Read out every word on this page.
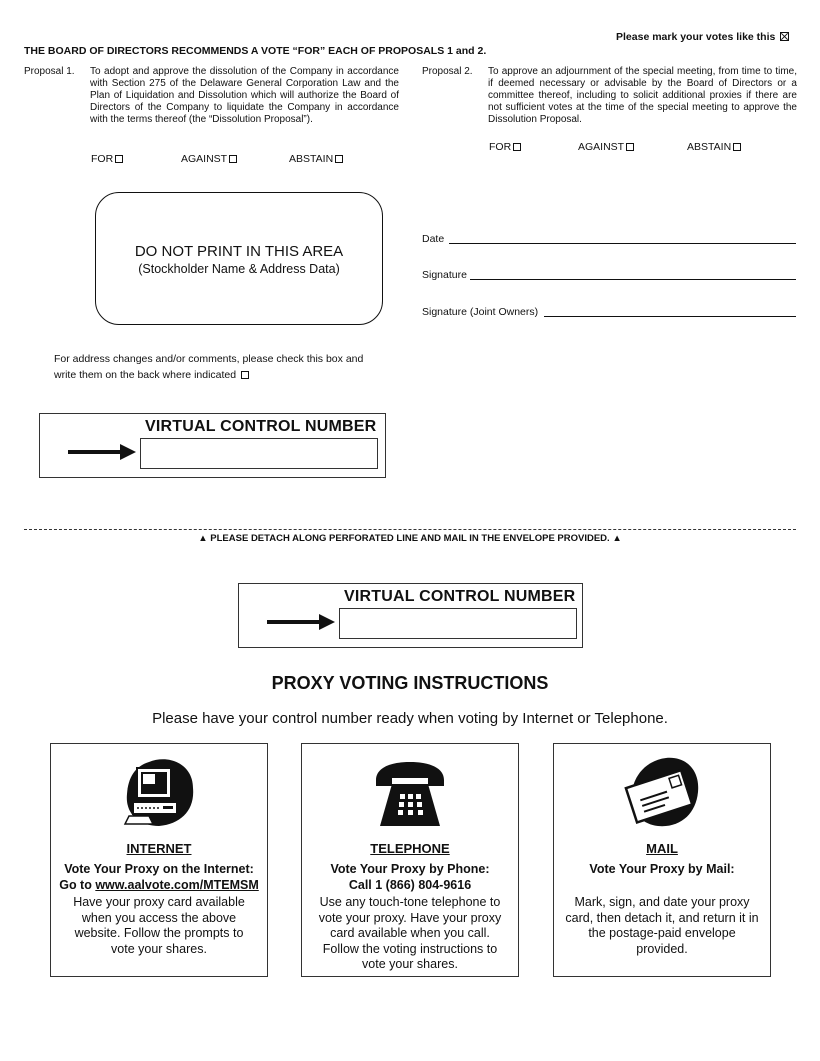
Please mark your votes like this
THE BOARD OF DIRECTORS RECOMMENDS A VOTE “FOR” EACH OF PROPOSALS 1 and 2.
Proposal 1. To adopt and approve the dissolution of the Company in accordance with Section 275 of the Delaware General Corporation Law and the Plan of Liquidation and Dissolution which will authorize the Board of Directors of the Company to liquidate the Company in accordance with the terms thereof (the “Dissolution Proposal”).
FOR	AGAINST	ABSTAIN
Proposal 2. To approve an adjournment of the special meeting, from time to time, if deemed necessary or advisable by the Board of Directors or a committee thereof, including to solicit additional proxies if there are not sufficient votes at the time of the special meeting to approve the Dissolution Proposal.
FOR	AGAINST	ABSTAIN
DO NOT PRINT IN THIS AREA
(Stockholder Name & Address Data)
Date
Signature
Signature (Joint Owners)
For address changes and/or comments, please check this box and
write them on the back where indicated
VIRTUAL CONTROL NUMBER
▲ PLEASE DETACH ALONG PERFORATED LINE AND MAIL IN THE ENVELOPE PROVIDED. ▲
VIRTUAL CONTROL NUMBER
PROXY VOTING INSTRUCTIONS
Please have your control number ready when voting by Internet or Telephone.
INTERNET
Vote Your Proxy on the Internet:
Go to www.aalvote.com/MTEMSM
Have your proxy card available
when you access the above
website. Follow the prompts to
vote your shares.
TELEPHONE
Vote Your Proxy by Phone:
Call 1 (866) 804-9616
Use any touch-tone telephone to
vote your proxy. Have your proxy
card available when you call.
Follow the voting instructions to
vote your shares.
MAIL
Vote Your Proxy by Mail:
Mark, sign, and date your proxy
card, then detach it, and return it in
the postage-paid envelope
provided.
